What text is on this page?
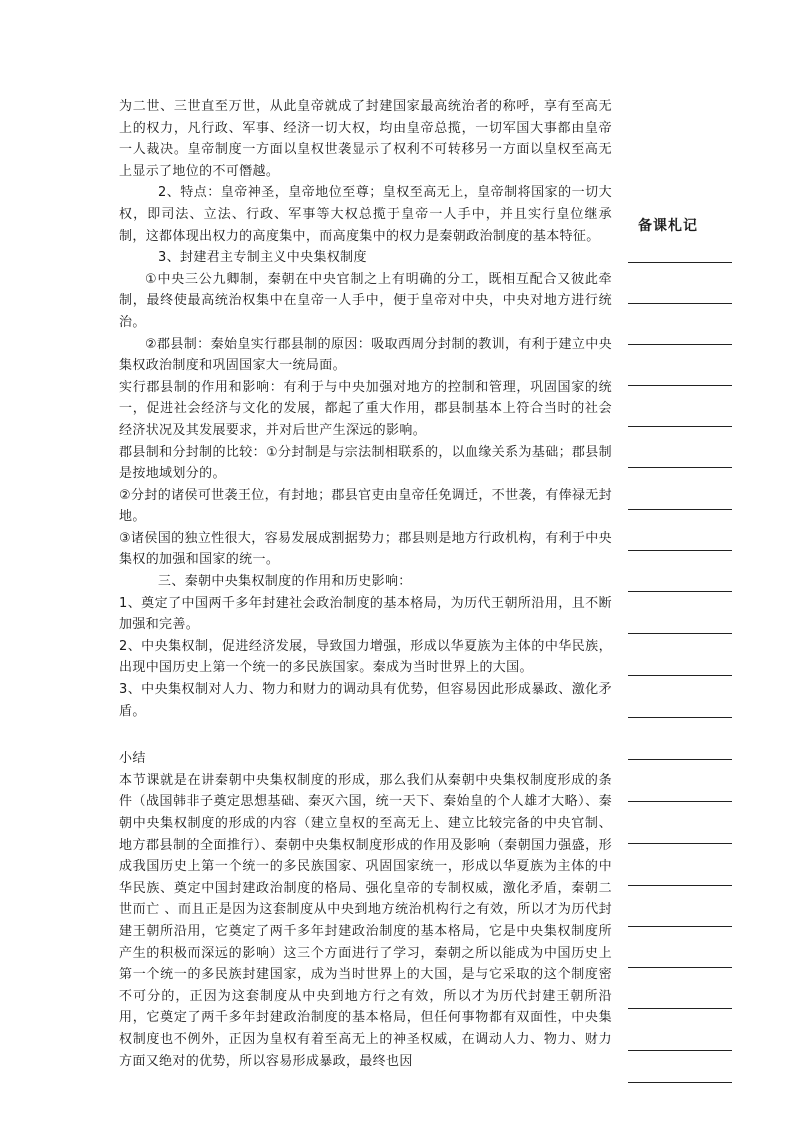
为二世、三世直至万世，从此皇帝就成了封建国家最高统治者的称呼，享有至高无上的权力，凡行政、军事、经济一切大权，均由皇帝总揽，一切军国大事都由皇帝一人裁决。皇帝制度一方面以皇权世袭显示了权利不可转移另一方面以皇权至高无上显示了地位的不可僭越。

2、特点：皇帝神圣，皇帝地位至尊；皇权至高无上，皇帝制将国家的一切大权，即司法、立法、行政、军事等大权总揽于皇帝一人手中，并且实行皇位继承制，这都体现出权力的高度集中，而高度集中的权力是秦朝政治制度的基本特征。

3、封建君主专制主义中央集权制度

①中央三公九卿制，秦朝在中央官制之上有明确的分工，既相互配合又彼此牵制，最终使最高统治权集中在皇帝一人手中，便于皇帝对中央，中央对地方进行统治。

②郡县制：秦始皇实行郡县制的原因：吸取西周分封制的教训，有利于建立中央集权政治制度和巩固国家大一统局面。

实行郡县制的作用和影响：有利于与中央加强对地方的控制和管理，巩固国家的统一，促进社会经济与文化的发展，都起了重大作用，郡县制基本上符合当时的社会经济状况及其发展要求，并对后世产生深远的影响。

郡县制和分封制的比较：①分封制是与宗法制相联系的，以血缘关系为基础；郡县制是按地域划分的。

②分封的诸侯可世袭王位，有封地；郡县官吏由皇帝任免调迁，不世袭，有俸禄无封地。

③诸侯国的独立性很大，容易发展成割据势力；郡县则是地方行政机构，有利于中央集权的加强和国家的统一。

三、秦朝中央集权制度的作用和历史影响：

1、奠定了中国两千多年封建社会政治制度的基本格局，为历代王朝所沿用，且不断加强和完善。

2、中央集权制，促进经济发展，导致国力增强，形成以华夏族为主体的中华民族，出现中国历史上第一个统一的多民族国家。秦成为当时世界上的大国。

3、中央集权制对人力、物力和财力的调动具有优势，但容易因此形成暴政、激化矛盾。

小结

本节课就是在讲秦朝中央集权制度的形成，那么我们从秦朝中央集权制度形成的条件（战国韩非子奠定思想基础、秦灭六国，统一天下、秦始皇的个人雄才大略）、秦朝中央集权制度的形成的内容（建立皇权的至高无上、建立比较完备的中央官制、地方郡县制的全面推行）、秦朝中央集权制度形成的作用及影响（秦朝国力强盛，形成我国历史上第一个统一的多民族国家、巩固国家统一，形成以华夏族为主体的中华民族、奠定中国封建政治制度的格局、强化皇帝的专制权威，激化矛盾，秦朝二世而亡 、而且正是因为这套制度从中央到地方统治机构行之有效，所以才为历代封建王朝所沿用，它奠定了两千多年封建政治制度的基本格局，它是中央集权制度所产生的积极而深远的影响）这三个方面进行了学习，秦朝之所以能成为中国历史上第一个统一的多民族封建国家，成为当时世界上的大国，是与它采取的这个制度密不可分的，正因为这套制度从中央到地方行之有效，所以才为历代封建王朝所沿用，它奠定了两千多年封建政治制度的基本格局，但任何事物都有双面性，中央集权制度也不例外，正因为皇权有着至高无上的神圣权威，在调动人力、物力、财力方面又绝对的优势，所以容易形成暴政，最终也因

备课札记
